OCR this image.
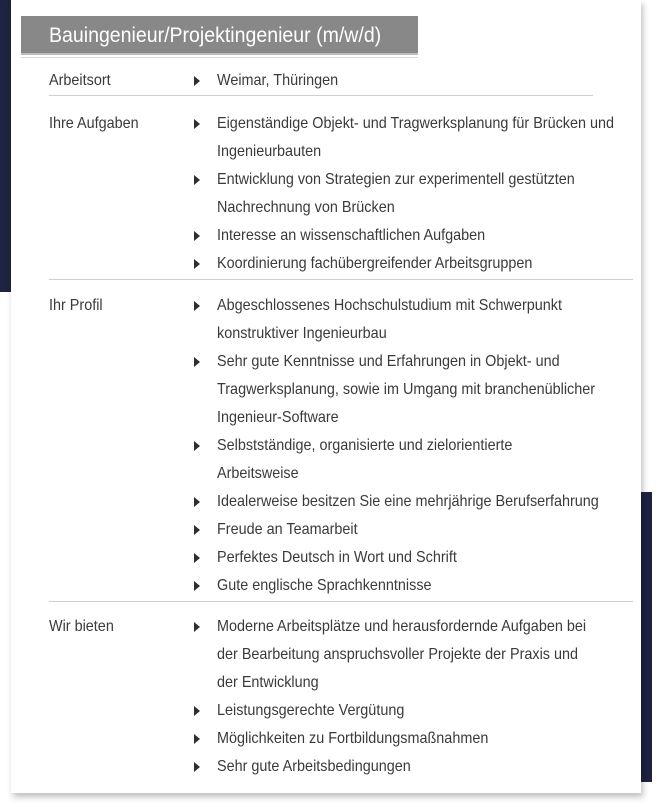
Bauingenieur/Projektingenieur (m/w/d)
Arbeitsort	Weimar, Thüringen
Ihre Aufgaben	Eigenständige Objekt- und Tragwerksplanung für Brücken und
Ingenieurbauten
Entwicklung von Strategien zur experimentell gestützten
Nachrechnung von Brücken
Interesse an wissenschaftlichen Aufgaben
Koordinierung fachübergreifender Arbeitsgruppen
Ihr Profil	Abgeschlossenes Hochschulstudium mit Schwerpunkt
konstruktiver Ingenieurbau
Sehr gute Kenntnisse und Erfahrungen in Objekt- und
Tragwerksplanung, sowie im Umgang mit branchenüblicher
Ingenieur-Software
Selbstständige, organisierte und zielorientierte
Arbeitsweise
Idealerweise besitzen Sie eine mehrjährige Berufserfahrung
Freude an Teamarbeit
Perfektes Deutsch in Wort und Schrift
Gute englische Sprachkenntnisse
Wir bieten	Moderne Arbeitsplätze und herausfordernde Aufgaben bei
der Bearbeitung anspruchsvoller Projekte der Praxis und
der Entwicklung
Leistungsgerechte Vergütung
Möglichkeiten zu Fortbildungsmaßnahmen
Sehr gute Arbeitsbedingungen
